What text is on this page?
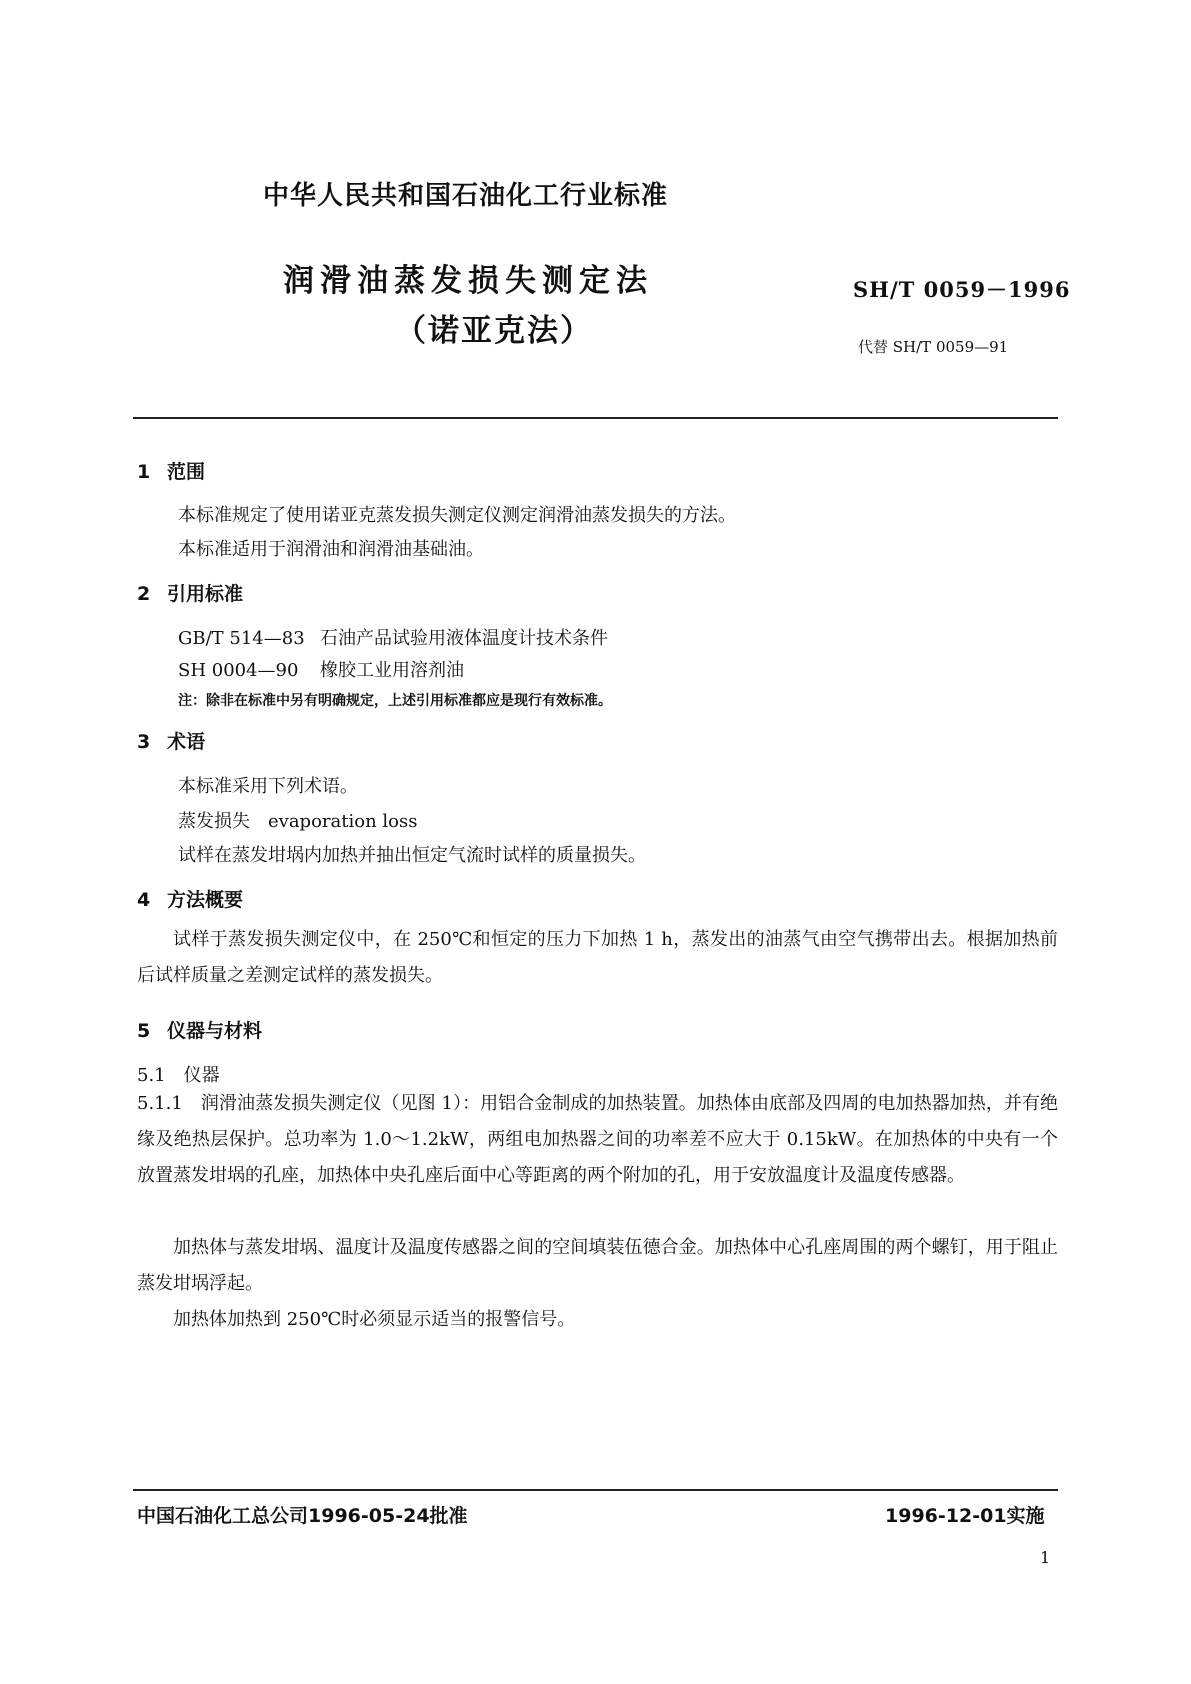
中华人民共和国石油化工行业标准
润滑油蒸发损失测定法
（诺亚克法）
SH/T 0059－1996
代替 SH/T 0059—91
1 范围
本标准规定了使用诺亚克蒸发损失测定仪测定润滑油蒸发损失的方法。
本标准适用于润滑油和润滑油基础油。
2 引用标准
GB/T 514—83 石油产品试验用液体温度计技术条件
SH 0004—90 橡胶工业用溶剂油
注：除非在标准中另有明确规定，上述引用标准都应是现行有效标准。
3 术语
本标准采用下列术语。
蒸发损失　evaporation loss
试样在蒸发坩埚内加热并抽出恒定气流时试样的质量损失。
4 方法概要

试样于蒸发损失测定仪中，在 250℃和恒定的压力下加热 1 h，蒸发出的油蒸气由空气携带出去。根据加热前后试样质量之差测定试样的蒸发损失。

5 仪器与材料
5.1　仪器

5.1.1　润滑油蒸发损失测定仪（见图 1）：用铝合金制成的加热装置。加热体由底部及四周的电加热器加热，并有绝缘及绝热层保护。总功率为 1.0～1.2kW，两组电加热器之间的功率差不应大于 0.15kW。在加热体的中央有一个放置蒸发坩埚的孔座，加热体中央孔座后面中心等距离的两个附加的孔，用于安放温度计及温度传感器。

加热体与蒸发坩埚、温度计及温度传感器之间的空间填装伍德合金。加热体中心孔座周围的两个螺钉，用于阻止蒸发坩埚浮起。

加热体加热到 250℃时必须显示适当的报警信号。

中国石油化工总公司1996-05-24批准	1996-12-01实施
1
